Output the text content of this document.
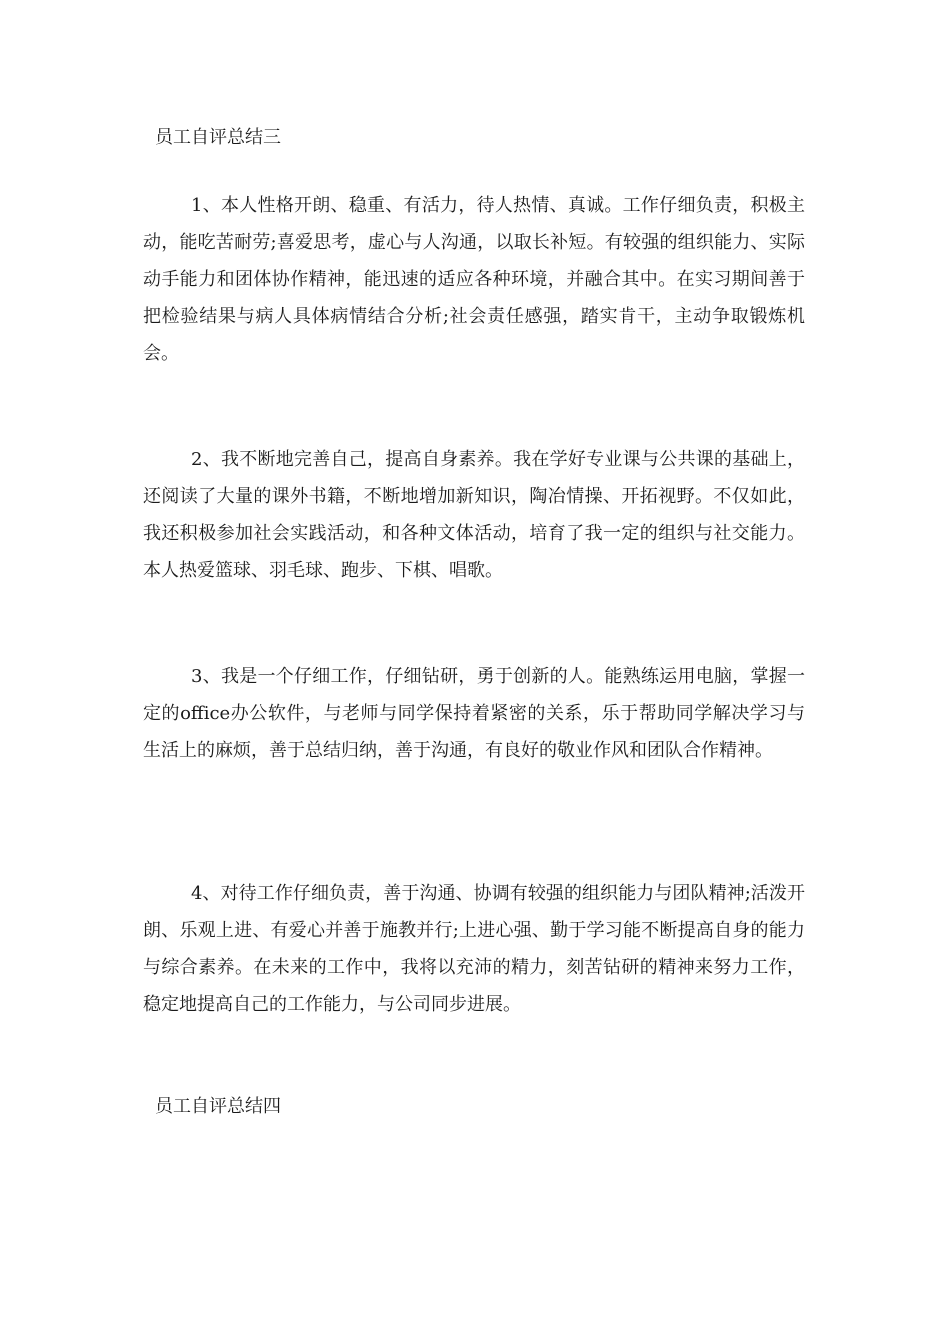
员工自评总结三

1、本人性格开朗、稳重、有活力，待人热情、真诚。工作仔细负责，积极主动，能吃苦耐劳;喜爱思考，虚心与人沟通，以取长补短。有较强的组织能力、实际动手能力和团体协作精神，能迅速的适应各种环境，并融合其中。在实习期间善于把检验结果与病人具体病情结合分析;社会责任感强，踏实肯干，主动争取锻炼机会。

2、我不断地完善自己，提高自身素养。我在学好专业课与公共课的基础上，还阅读了大量的课外书籍，不断地增加新知识，陶冶情操、开拓视野。不仅如此，我还积极参加社会实践活动，和各种文体活动，培育了我一定的组织与社交能力。本人热爱篮球、羽毛球、跑步、下棋、唱歌。

3、我是一个仔细工作，仔细钻研，勇于创新的人。能熟练运用电脑，掌握一定的office办公软件，与老师与同学保持着紧密的关系，乐于帮助同学解决学习与生活上的麻烦，善于总结归纳，善于沟通，有良好的敬业作风和团队合作精神。

4、对待工作仔细负责，善于沟通、协调有较强的组织能力与团队精神;活泼开朗、乐观上进、有爱心并善于施教并行;上进心强、勤于学习能不断提高自身的能力与综合素养。在未来的工作中，我将以充沛的精力，刻苦钻研的精神来努力工作，稳定地提高自己的工作能力，与公司同步进展。

员工自评总结四
